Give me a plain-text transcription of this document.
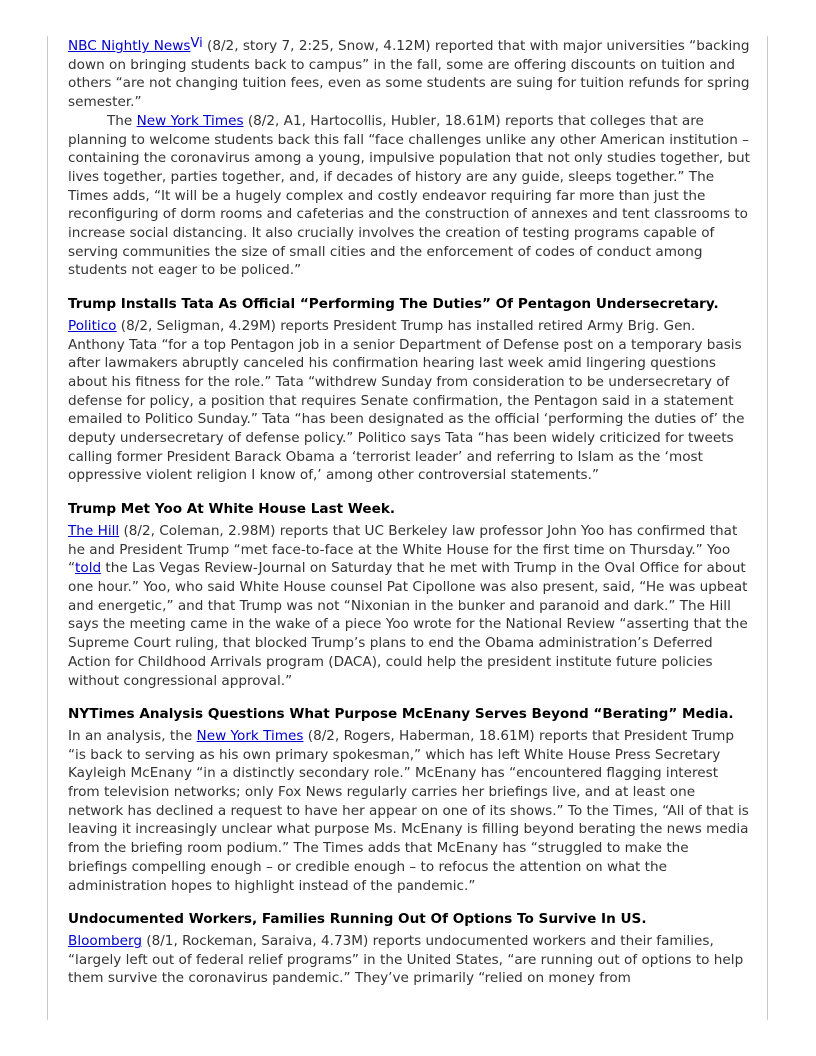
NBC Nightly News$^{Vi}$ (8/2, story 7, 2:25, Snow, 4.12M) reported that with major universities “backing down on bringing students back to campus” in the fall, some are offering discounts on tuition and others “are not changing tuition fees, even as some students are suing for tuition refunds for spring semester.”

The New York Times (8/2, A1, Hartocollis, Hubler, 18.61M) reports that colleges that are planning to welcome students back this fall “face challenges unlike any other American institution – containing the coronavirus among a young, impulsive population that not only studies together, but lives together, parties together, and, if decades of history are any guide, sleeps together.” The Times adds, “It will be a hugely complex and costly endeavor requiring far more than just the reconfiguring of dorm rooms and cafeterias and the construction of annexes and tent classrooms to increase social distancing. It also crucially involves the creation of testing programs capable of serving communities the size of small cities and the enforcement of codes of conduct among students not eager to be policed.”

Trump Installs Tata As Official “Performing The Duties” Of Pentagon Undersecretary.

Politico (8/2, Seligman, 4.29M) reports President Trump has installed retired Army Brig. Gen. Anthony Tata “for a top Pentagon job in a senior Department of Defense post on a temporary basis after lawmakers abruptly canceled his confirmation hearing last week amid lingering questions about his fitness for the role.” Tata “withdrew Sunday from consideration to be undersecretary of defense for policy, a position that requires Senate confirmation, the Pentagon said in a statement emailed to Politico Sunday.” Tata “has been designated as the official ‘performing the duties of’ the deputy undersecretary of defense policy.” Politico says Tata “has been widely criticized for tweets calling former President Barack Obama a ‘terrorist leader’ and referring to Islam as the ‘most oppressive violent religion I know of,’ among other controversial statements.”

Trump Met Yoo At White House Last Week.

The Hill (8/2, Coleman, 2.98M) reports that UC Berkeley law professor John Yoo has confirmed that he and President Trump “met face-to-face at the White House for the first time on Thursday.” Yoo “told the Las Vegas Review-Journal on Saturday that he met with Trump in the Oval Office for about one hour.” Yoo, who said White House counsel Pat Cipollone was also present, said, “He was upbeat and energetic,” and that Trump was not “Nixonian in the bunker and paranoid and dark.” The Hill says the meeting came in the wake of a piece Yoo wrote for the National Review “asserting that the Supreme Court ruling, that blocked Trump’s plans to end the Obama administration’s Deferred Action for Childhood Arrivals program (DACA), could help the president institute future policies without congressional approval.”

NYTimes Analysis Questions What Purpose McEnany Serves Beyond “Berating” Media.

In an analysis, the New York Times (8/2, Rogers, Haberman, 18.61M) reports that President Trump “is back to serving as his own primary spokesman,” which has left White House Press Secretary Kayleigh McEnany “in a distinctly secondary role.” McEnany has “encountered flagging interest from television networks; only Fox News regularly carries her briefings live, and at least one network has declined a request to have her appear on one of its shows.” To the Times, “All of that is leaving it increasingly unclear what purpose Ms. McEnany is filling beyond berating the news media from the briefing room podium.” The Times adds that McEnany has “struggled to make the briefings compelling enough – or credible enough – to refocus the attention on what the administration hopes to highlight instead of the pandemic.”

Undocumented Workers, Families Running Out Of Options To Survive In US.

Bloomberg (8/1, Rockeman, Saraiva, 4.73M) reports undocumented workers and their families, “largely left out of federal relief programs” in the United States, “are running out of options to help them survive the coronavirus pandemic.” They’ve primarily “relied on money from
